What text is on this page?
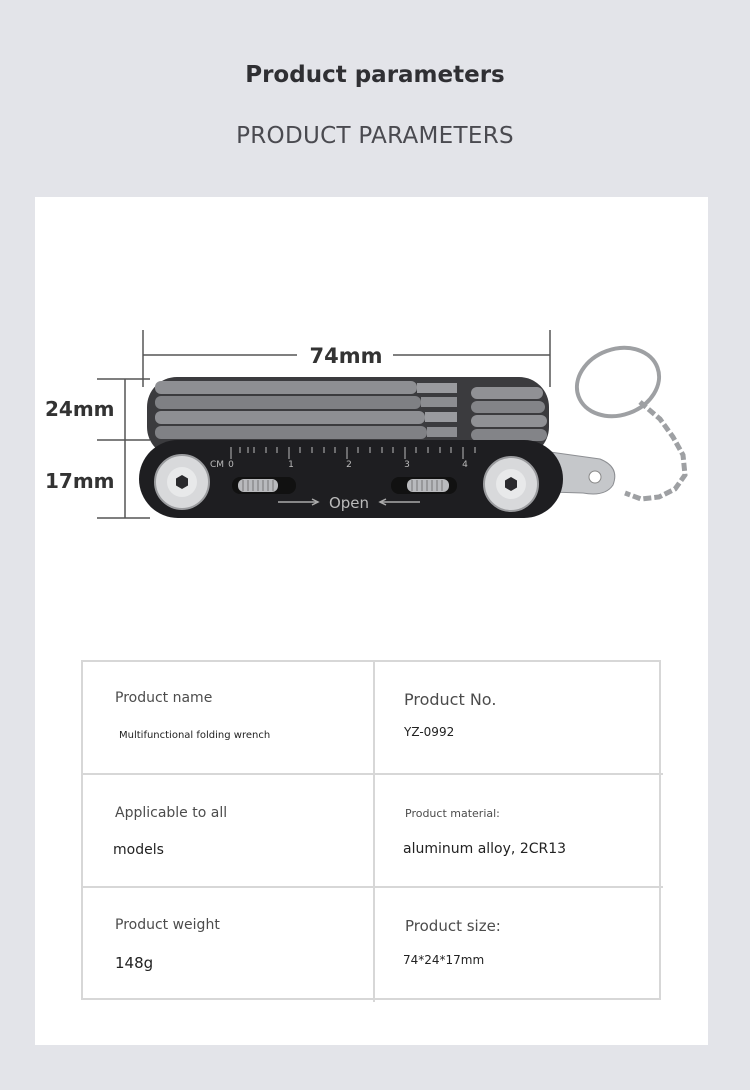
Product parameters
PRODUCT PARAMETERS
74mm
24mm
17mm
CM 0	1	2	3	4
Open
Product name
Multifunctional folding wrench
Product No.
YZ-0992
Applicable to all
models
Product material:
aluminum alloy, 2CR13
Product weight
148g
Product size:
74*24*17mm
